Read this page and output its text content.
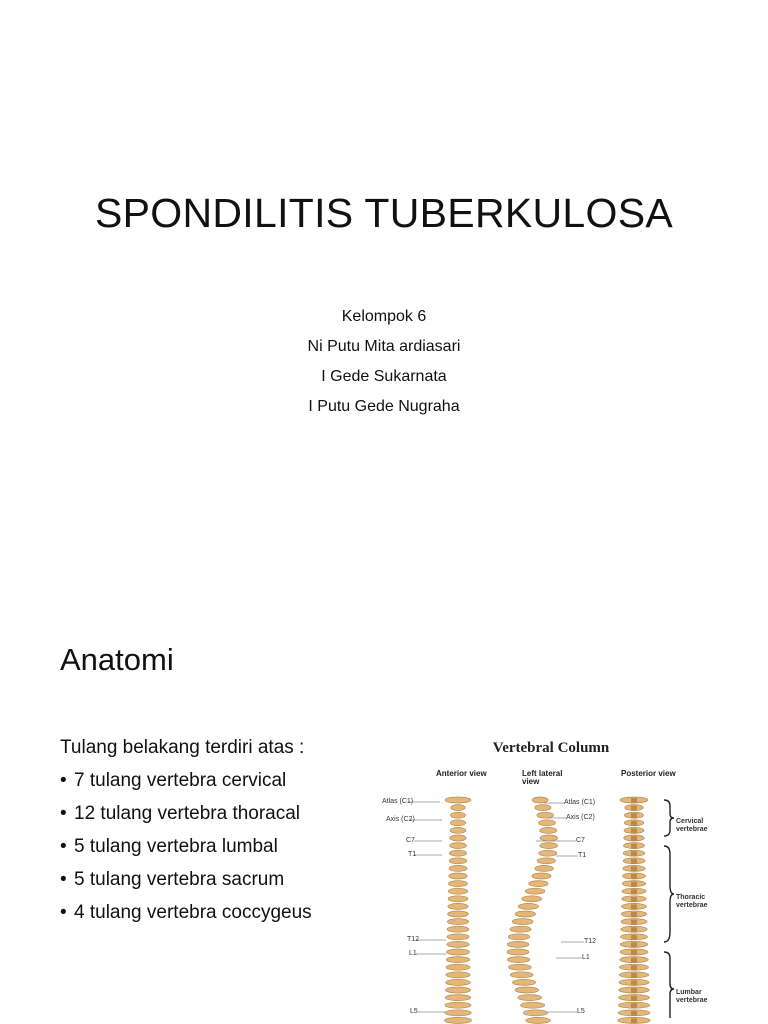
SPONDILITIS TUBERKULOSA
Kelompok 6
Ni Putu Mita ardiasari
I Gede Sukarnata
I Putu Gede Nugraha
Anatomi
Tulang belakang terdiri atas :
• 7 tulang vertebra cervical
• 12 tulang vertebra thoracal
• 5 tulang vertebra lumbal
• 5 tulang vertebra sacrum
• 4 tulang vertebra coccygeus
Vertebral Column
Anterior view	Left lateral view
Posterior view
Atlas (C1)
Axis (C2)
C7
T1
T12
L1
L5
Atlas (C1)
Axis (C2)
C7
T1
T12
L1
L5
Cervical vertebrae
Thoracic vertebrae
Lumbar vertebrae
